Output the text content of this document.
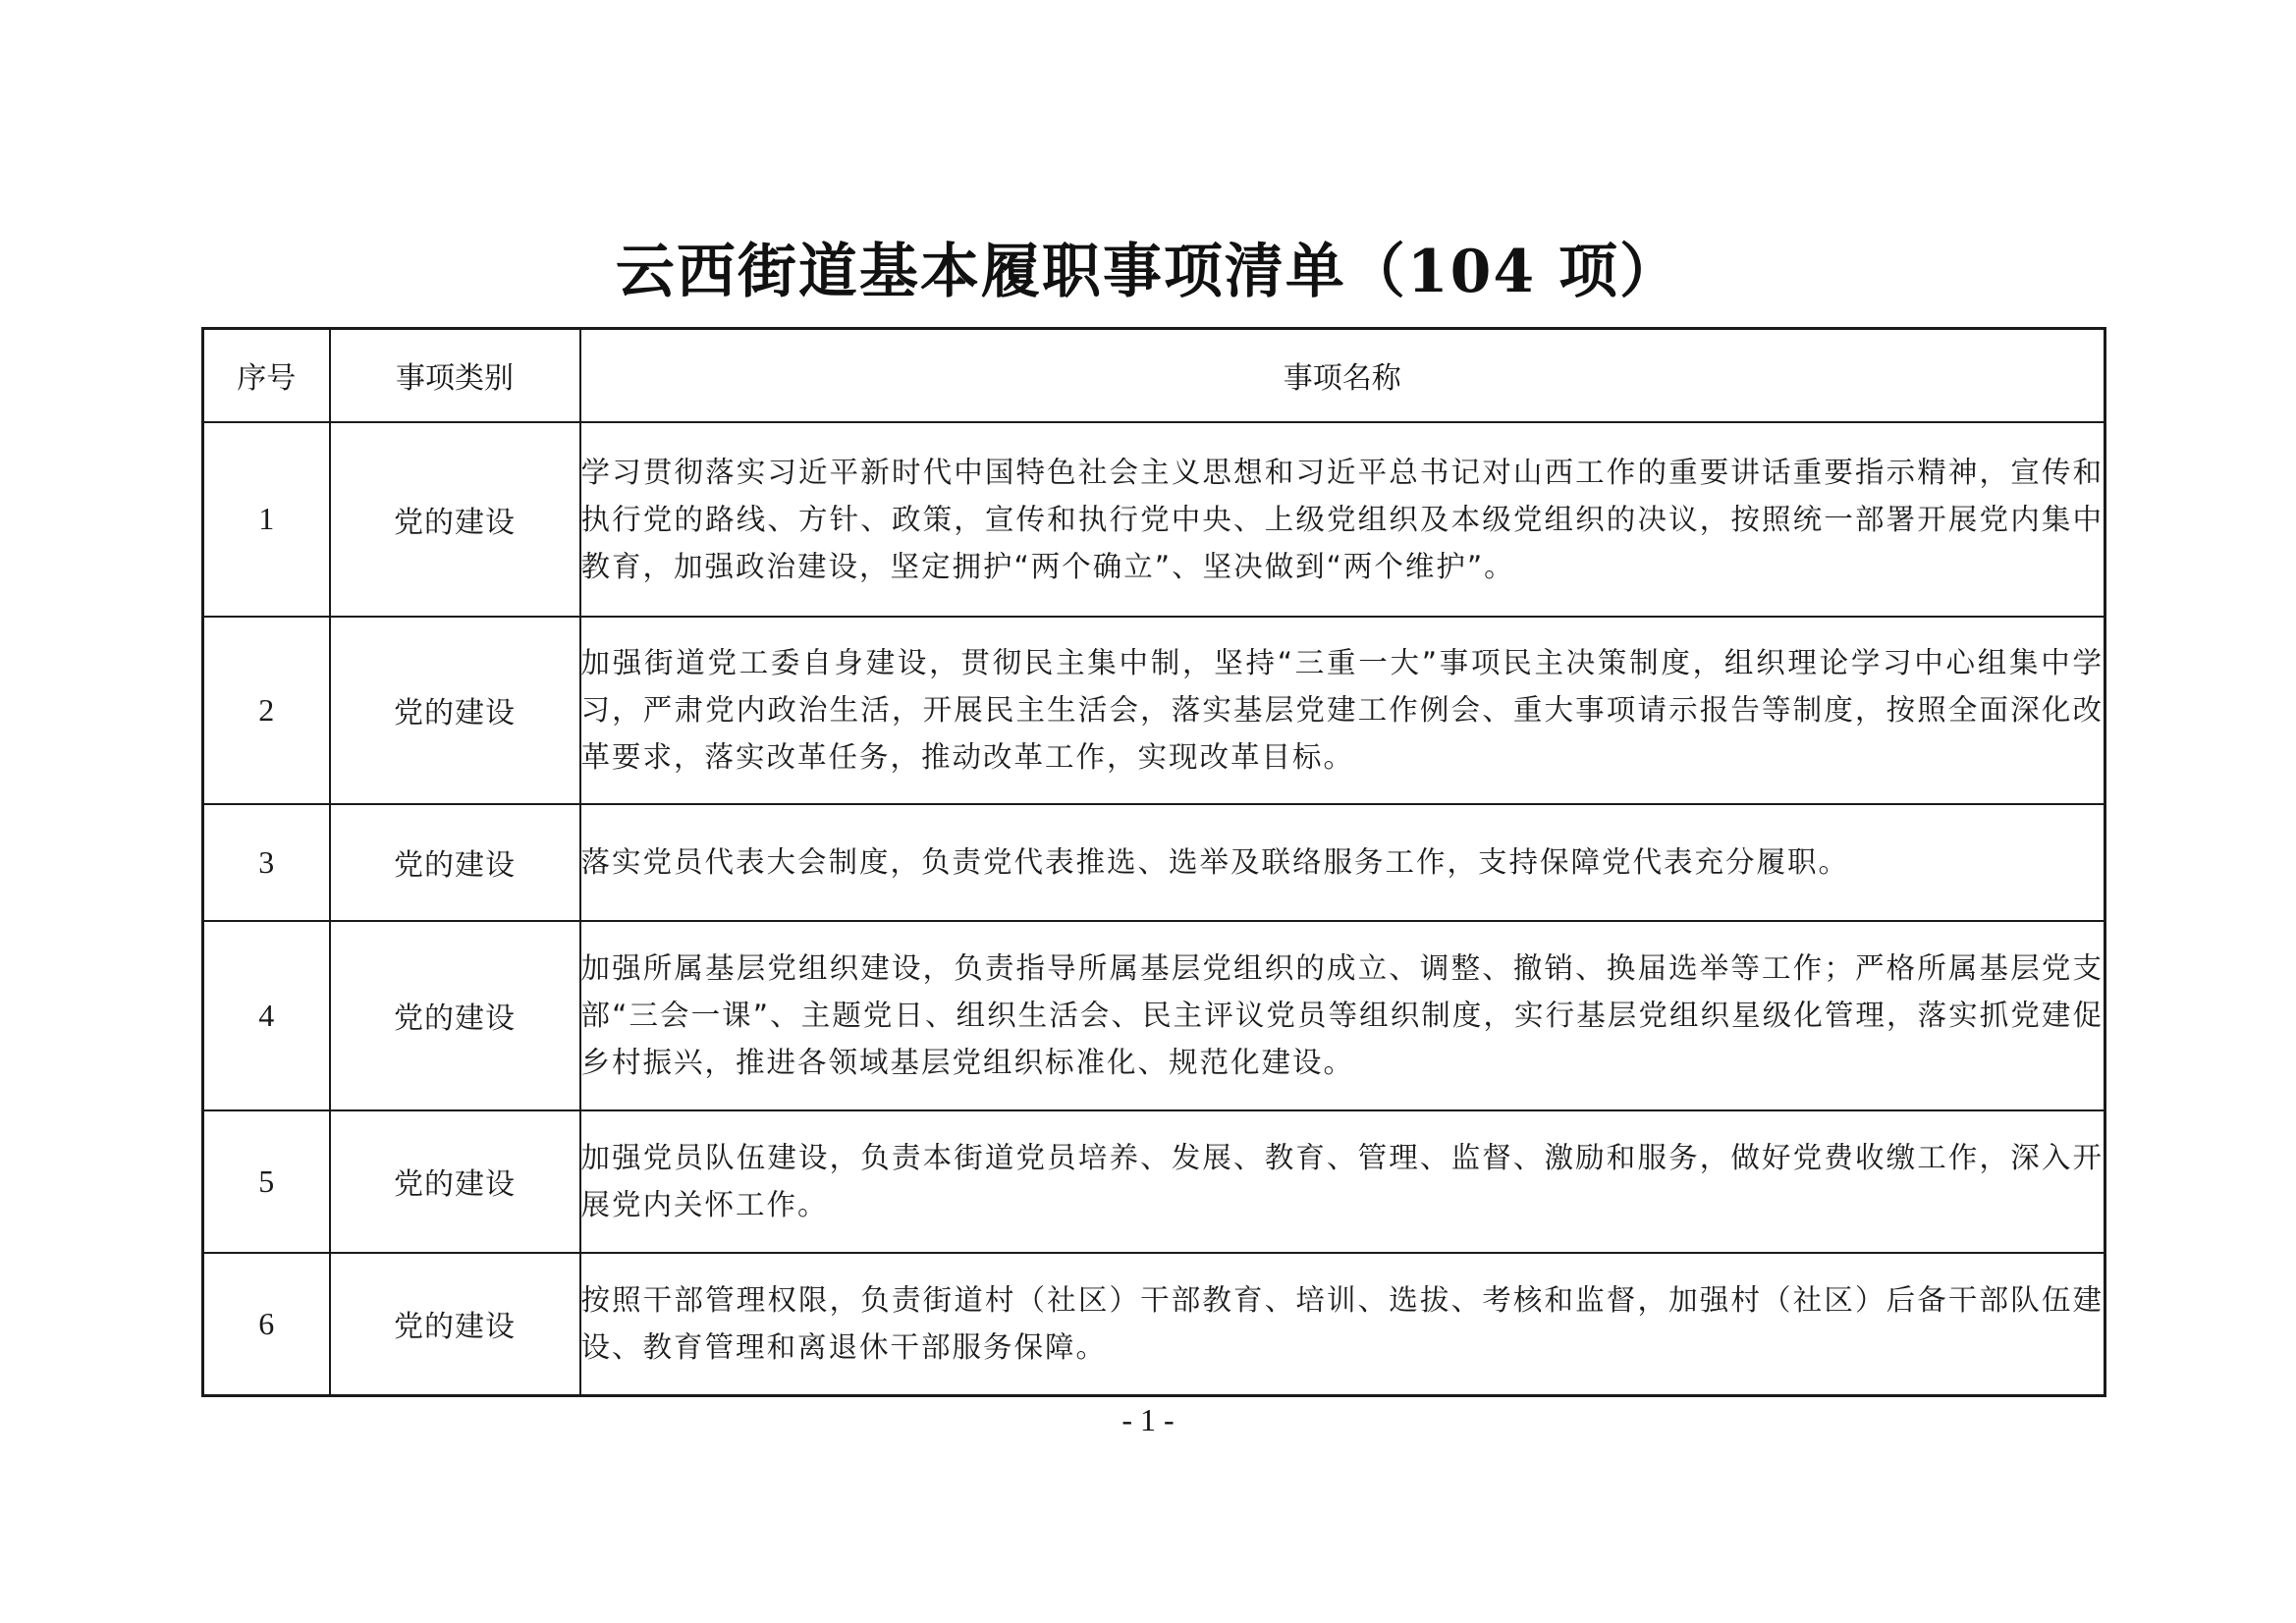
云西街道基本履职事项清单（104 项）
序号	事项类别	事项名称
1	党的建设	学习贯彻落实习近平新时代中国特色社会主义思想和习近平总书记对山西工作的重要讲话重要指示精神，宣传和执行党的路线、方针、政策，宣传和执行党中央、上级党组织及本级党组织的决议，按照统一部署开展党内集中教育，加强政治建设，坚定拥护“两个确立”、坚决做到“两个维护”。
2	党的建设	加强街道党工委自身建设，贯彻民主集中制，坚持“三重一大”事项民主决策制度，组织理论学习中心组集中学习，严肃党内政治生活，开展民主生活会，落实基层党建工作例会、重大事项请示报告等制度，按照全面深化改革要求，落实改革任务，推动改革工作，实现改革目标。
3	党的建设	落实党员代表大会制度，负责党代表推选、选举及联络服务工作，支持保障党代表充分履职。
4	党的建设	加强所属基层党组织建设，负责指导所属基层党组织的成立、调整、撤销、换届选举等工作；严格所属基层党支部“三会一课”、主题党日、组织生活会、民主评议党员等组织制度，实行基层党组织星级化管理，落实抓党建促乡村振兴，推进各领域基层党组织标准化、规范化建设。
5	党的建设	加强党员队伍建设，负责本街道党员培养、发展、教育、管理、监督、激励和服务，做好党费收缴工作，深入开展党内关怀工作。
6	党的建设	按照干部管理权限，负责街道村（社区）干部教育、培训、选拔、考核和监督，加强村（社区）后备干部队伍建设、教育管理和离退休干部服务保障。
- 1 -
